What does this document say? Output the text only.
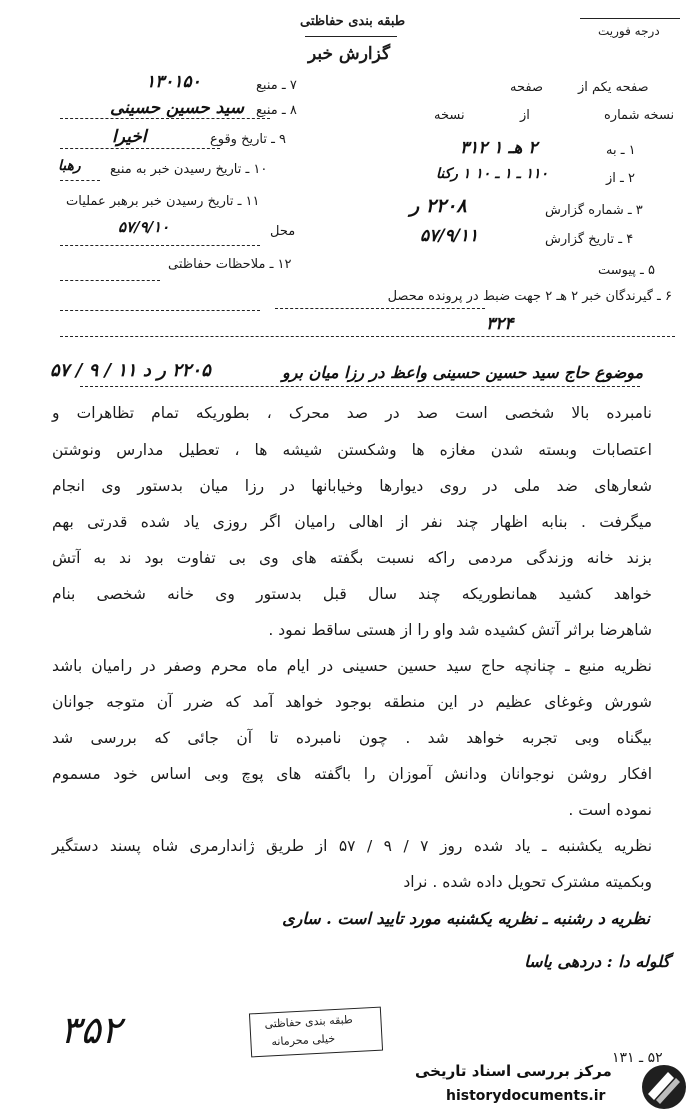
طبقه بندی حفاظتی
گزارش خبر
درجه فوریت
صفحه یکم از
صفحه
نسخه شماره
از
نسخه
۱ ـ به
۲ هـ ۱ ۳۱۲
۲ ـ از
۱۱۰ ـ ۱ ـ ۱۰ ۱ رکنا
۳ ـ شماره گزارش
۲۲۰۸ ر
۴ ـ تاریخ گزارش
۵۷/۹/۱۱
۵ ـ پیوست
۶ ـ گیرندگان خبر ۲ هـ ۲ جهت ضبط در پرونده محصل
۳۲۴
۷ ـ منبع
۱۳۰۱۵۰
۸ ـ منبع
سید حسین حسینی
۹ ـ تاریخ وقوع
اخیرا
۱۰ ـ تاریخ رسیدن خبر به منبع
رهبا
۱۱ ـ تاریخ رسیدن خبر برهبر عملیات
۵۷/۹/۱۰	محل
۱۲ ـ ملاحظات حفاظتی
موضوع حاج سید حسین حسینی واعظ در رزا میان برو
۲۲۰۵ ر د ۱۱ / ۹ / ۵۷
نامبرده بالا شخصی است صد در صد محرک ، بطوریکه تمام تظاهرات و
اعتصابات وبسته شدن مغازه ها وشکستن شیشه ها ، تعطیل مدارس ونوشتن
شعارهای ضد ملی در روی دیوارها وخیابانها در رزا میان بدستور وی انجام
میگرفت . بنابه اظهار چند نفر از اهالی رامیان اگر روزی یاد شده قدرتی بهم
بزند خانه وزندگی مردمی راکه نسبت بگفته های وی بی تفاوت بود ند به آتش
خواهد کشید همانطوریکه چند سال قبل بدستور وی خانه شخصی بنام
شاهرضا براثر آتش کشیده شد واو را از هستی ساقط نمود .
نظریه منبع ـ چنانچه حاج سید حسین حسینی در ایام ماه محرم وصفر در رامیان باشد
شورش وغوغای عظیم در این منطقه بوجود خواهد آمد که ضرر آن متوجه جوانان
بیگناه وبی تجربه خواهد شد . چون نامبرده تا آن جائی که بررسی شد
افکار روشن نوجوانان ودانش آموزان را باگفته های پوچ وبی اساس خود مسموم
نموده است .
نظریه یکشنبه ـ یاد شده روز ۷ / ۹ / ۵۷ از طریق ژاندارمری شاه پسند دستگیر
وبکمیته مشترک تحویل داده شده . نراد
نظریه د رشنبه ـ نظریه یکشنبه مورد تایید است . ساری
گلوله دا : دردهی یاسا
طبقه بندی حفاظتی
خیلی محرمانه
۳۵۲
۵۲ ـ ۱۳۱
مرکز بررسی اسناد تاریخی
historydocuments.ir
